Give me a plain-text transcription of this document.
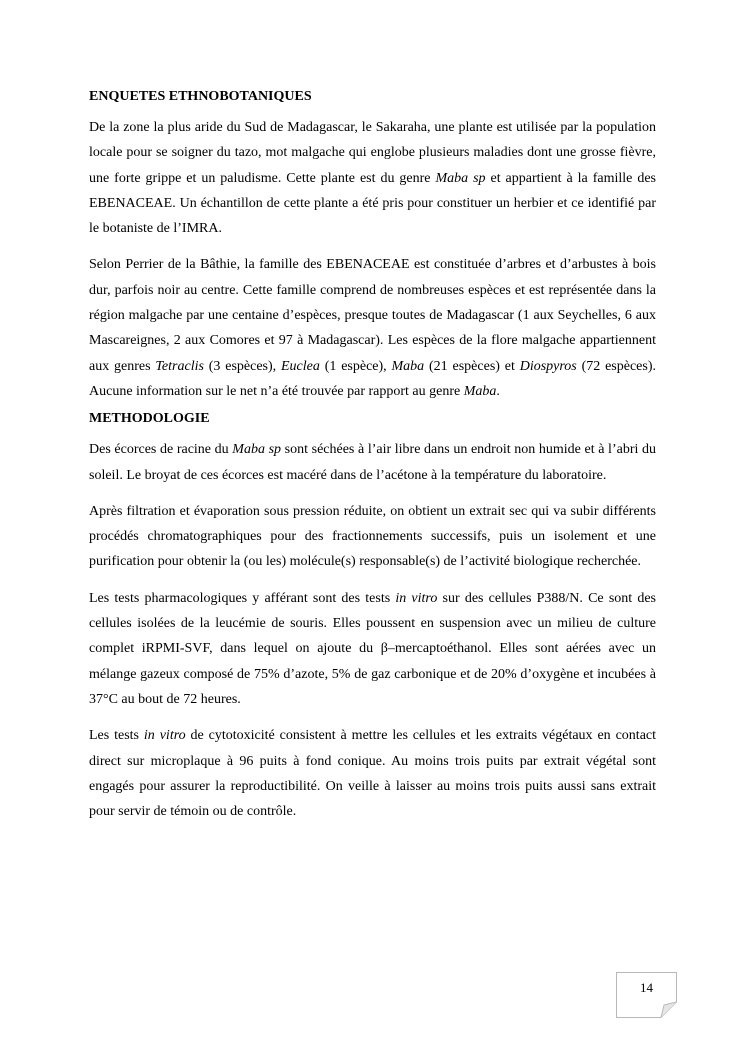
ENQUETES ETHNOBOTANIQUES

De la zone la plus aride du Sud de Madagascar, le Sakaraha, une plante est utilisée par la population locale pour se soigner du tazo, mot malgache qui englobe plusieurs maladies dont une grosse fièvre, une forte grippe et un paludisme. Cette plante est du genre Maba sp et appartient à la famille des EBENACEAE. Un échantillon de cette plante a été pris pour constituer un herbier et ce identifié par le botaniste de l’IMRA.

Selon Perrier de la Bâthie, la famille des EBENACEAE est constituée d’arbres et d’arbustes à bois dur, parfois noir au centre. Cette famille comprend de nombreuses espèces et est représentée dans la région malgache par une centaine d’espèces, presque toutes de Madagascar (1 aux Seychelles, 6 aux Mascareignes, 2 aux Comores et 97 à Madagascar). Les espèces de la flore malgache appartiennent aux genres Tetraclis (3 espèces), Euclea (1 espèce), Maba (21 espèces) et Diospyros (72 espèces). Aucune information sur le net n’a été trouvée par rapport au genre Maba.

METHODOLOGIE

Des écorces de racine du Maba sp sont séchées à l’air libre dans un endroit non humide et à l’abri du soleil. Le broyat de ces écorces est macéré dans de l’acétone à la température du laboratoire.

Après filtration et évaporation sous pression réduite, on obtient un extrait sec qui va subir différents procédés chromatographiques pour des fractionnements successifs, puis un isolement et une purification pour obtenir la (ou les) molécule(s) responsable(s) de l’activité biologique recherchée.

Les tests pharmacologiques y afférant sont des tests in vitro sur des cellules P388/N. Ce sont des cellules isolées de la leucémie de souris. Elles poussent en suspension avec un milieu de culture complet iRPMI-SVF, dans lequel on ajoute du β–mercaptoéthanol. Elles sont aérées avec un mélange gazeux composé de 75% d’azote, 5% de gaz carbonique et de 20% d’oxygène et incubées à 37°C au bout de 72 heures.

Les tests in vitro de cytotoxicité consistent à mettre les cellules et les extraits végétaux en contact direct sur microplaque à 96 puits à fond conique. Au moins trois puits par extrait végétal sont engagés pour assurer la reproductibilité. On veille à laisser au moins trois puits aussi sans extrait pour servir de témoin ou de contrôle.

14
